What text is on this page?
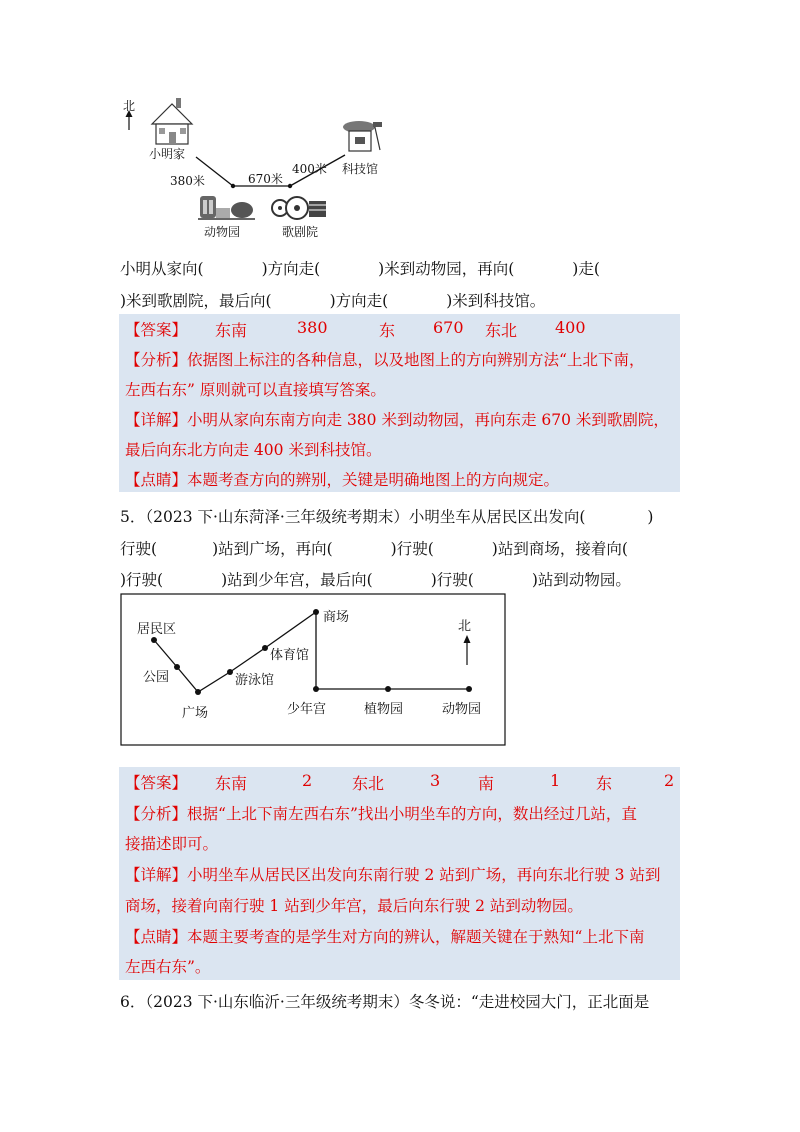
北
小明家
380米	670米
400米 科技馆
动物园	歌剧院
小明从家向(	)方向走(	)米到动物园，再向(	)走(
)米到歌剧院，最后向(	)方向走(	)米到科技馆。
【答案】 东南	380	东 670 东北 400
【分析】依据图上标注的各种信息，以及地图上的方向辨别方法“上北下南，
左西右东” 原则就可以直接填写答案。
【详解】小明从家向东南方向走 380 米到动物园，再向东走 670 米到歌剧院，
最后向东北方向走 400 米到科技馆。
【点睛】本题考查方向的辨别，关键是明确地图上的方向规定。
5．（2023 下·山东菏泽·三年级统考期末）小明坐车从居民区出发向(	)
行驶(	)站到广场，再向(	)行驶(	)站到商场，接着向(
)行驶(	)站到少年宫，最后向(	)行驶(	)站到动物园。
居民区
公园
广场
游泳馆
体育馆
商场
少年宫	植物园	动物园
北
【答案】 东南	2 东北	3 南	1 东	2
【分析】根据“上北下南左西右东”找出小明坐车的方向，数出经过几站，直
接描述即可。
【详解】小明坐车从居民区出发向东南行驶 2 站到广场，再向东北行驶 3 站到
商场，接着向南行驶 1 站到少年宫，最后向东行驶 2 站到动物园。
【点睛】本题主要考查的是学生对方向的辨认，解题关键在于熟知“上北下南
左西右东”。
6．（2023 下·山东临沂·三年级统考期末）冬冬说：“走进校园大门，正北面是
